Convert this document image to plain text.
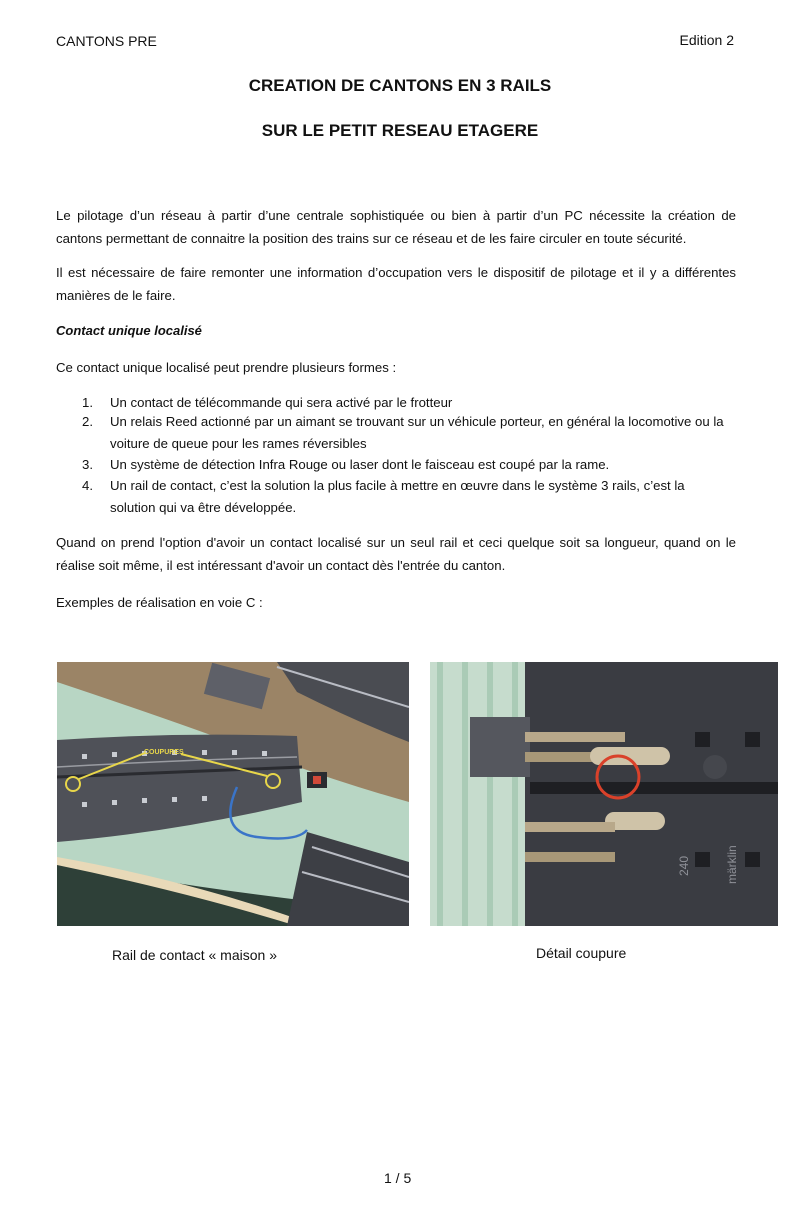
CANTONS PRE	Edition 2
CREATION DE CANTONS EN 3 RAILS
SUR LE PETIT RESEAU ETAGERE
Le pilotage d’un réseau à partir d’une centrale sophistiquée ou bien à partir d’un PC nécessite la création de cantons permettant de connaitre la position des trains sur ce réseau et de les faire circuler en toute sécurité.
Il est nécessaire de faire remonter une information d’occupation vers le dispositif de pilotage et il y a différentes manières de le faire.
Contact unique localisé
Ce contact unique localisé peut prendre plusieurs formes :
1. Un contact de télécommande qui sera activé par le frotteur
2. Un relais Reed actionné par un aimant se trouvant sur un véhicule porteur, en général la locomotive ou la voiture de queue pour les rames réversibles
3. Un système de détection Infra Rouge ou laser dont le faisceau est coupé par la rame.
4. Un rail de contact, c’est la solution la plus facile à mettre en œuvre dans le système 3 rails, c’est la solution qui va être développée.
Quand on prend l'option d'avoir un contact localisé sur un seul rail et ceci quelque soit sa longueur, quand on le réalise soit même, il est intéressant d'avoir un contact dès l'entrée du canton.
Exemples de réalisation en voie C :
COUPURES
240	märklin
Rail de contact « maison »	Détail coupure
1 / 5
